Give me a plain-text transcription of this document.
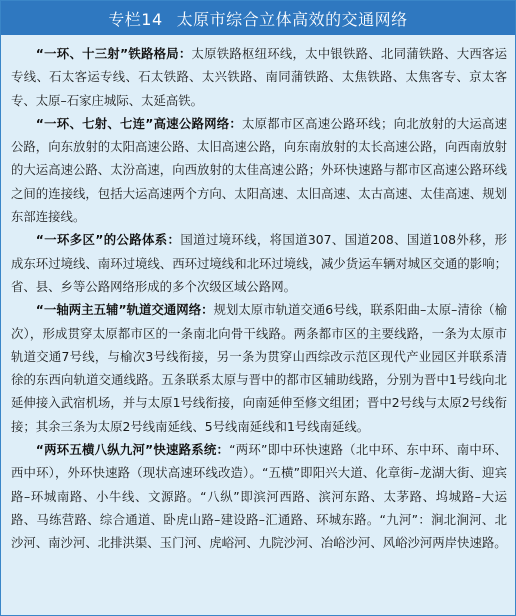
专栏14 太原市综合立体高效的交通网络

“一环、十三射”铁路格局：太原铁路枢纽环线，太中银铁路、北同蒲铁路、大西客运专线、石太客运专线、石太铁路、太兴铁路、南同蒲铁路、太焦铁路、太焦客专、京太客专、太原–石家庄城际、太延高铁。

“一环、七射、七连”高速公路网络：太原都市区高速公路环线；向北放射的大运高速公路，向东放射的太阳高速公路、太旧高速公路，向东南放射的太长高速公路，向西南放射的大运高速公路、太汾高速，向西放射的太佳高速公路；外环快速路与都市区高速公路环线之间的连接线，包括大运高速两个方向、太阳高速、太旧高速、太古高速、太佳高速、规划东部连接线。

“一环多区”的公路体系：国道过境环线，将国道307、国道208、国道108外移，形成东环过境线、南环过境线、西环过境线和北环过境线，减少货运车辆对城区交通的影响；省、县、乡等公路网络形成的多个次级区域公路网。

“一轴两主五辅”轨道交通网络：规划太原市轨道交通6号线，联系阳曲–太原–清徐（榆次），形成贯穿太原都市区的一条南北向骨干线路。两条都市区的主要线路，一条为太原市轨道交通7号线，与榆次3号线衔接，另一条为贯穿山西综改示范区现代产业园区并联系清徐的东西向轨道交通线路。五条联系太原与晋中的都市区辅助线路，分别为晋中1号线向北延伸接入武宿机场，并与太原1号线衔接，向南延伸至修文组团；晋中2号线与太原2号线衔接；其余三条为太原2号线南延线、5号线南延线和1号线南延线。

“两环五横八纵九河”快速路系统：“两环”即中环快速路（北中环、东中环、南中环、西中环），外环快速路（现状高速环线改造）。“五横”即阳兴大道、化章街–龙湖大街、迎宾路–环城南路、小牛线、文源路。“八纵”即滨河西路、滨河东路、太茅路、坞城路–大运路、马练营路、综合通道、卧虎山路–建设路–汇通路、环城东路。“九河”：涧北涧河、北沙河、南沙河、北排洪渠、玉门河、虎峪河、九院沙河、冶峪沙河、风峪沙河两岸快速路。
